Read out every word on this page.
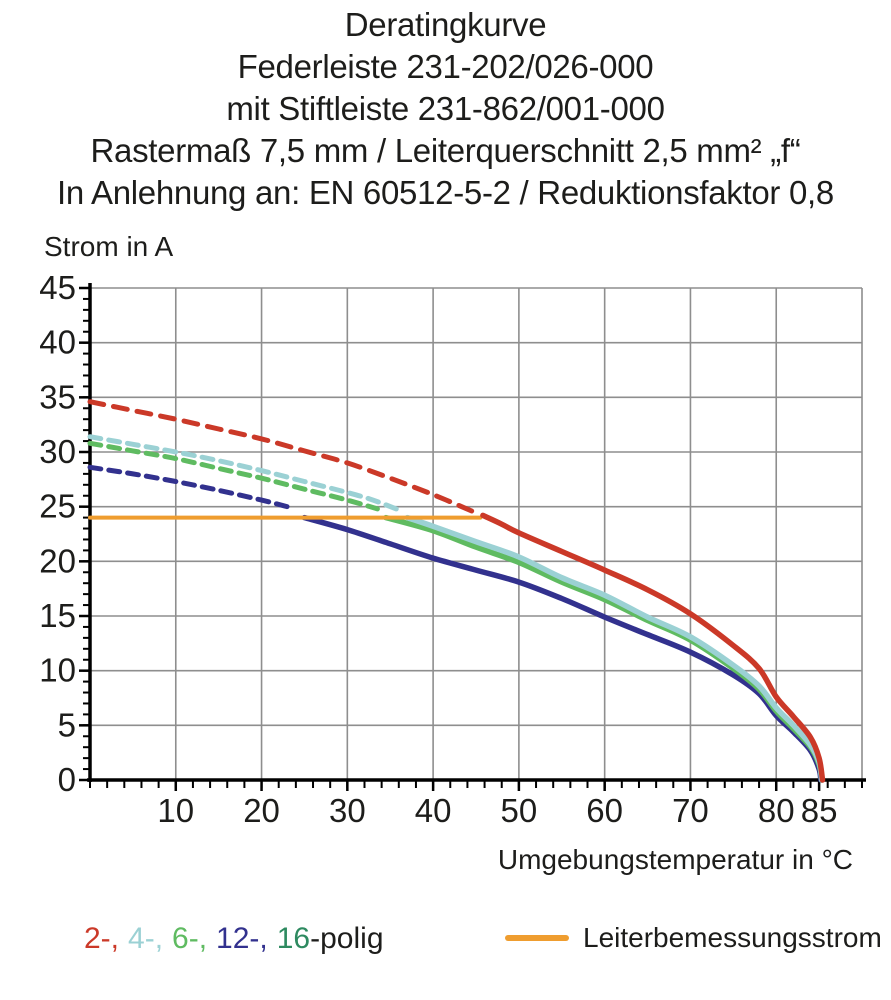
Deratingkurve
Federleiste 231-202/026-000
mit Stiftleiste 231-862/001-000
Rastermaß 7,5 mm / Leiterquerschnitt 2,5 mm² „f“
In Anlehnung an: EN 60512-5-2 / Reduktionsfaktor 0,8
Strom in A
10 20 30 40 50 60 70 80 85
0
5
10
15
20
25
30
35
40
45
Umgebungstemperatur in °C
2-, 4-, 6-, 12-, 16-polig	Leiterbemessungsstrom
